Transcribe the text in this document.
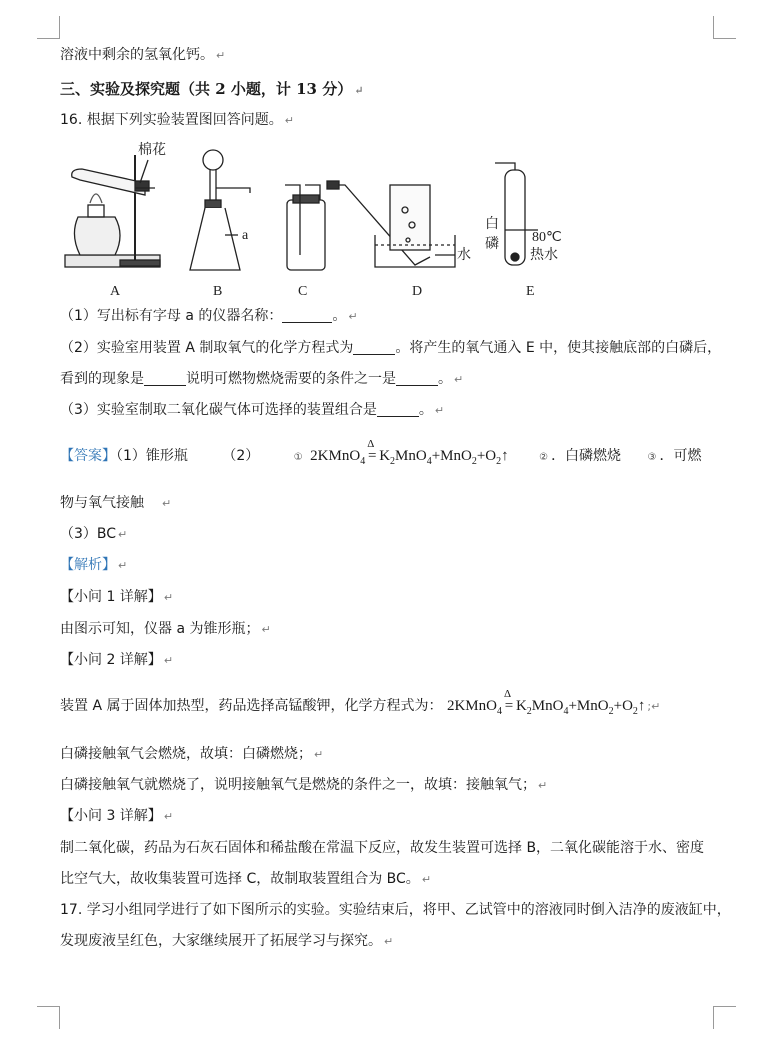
溶液中剩余的氢氧化钙。 ↵
三、实验及探究题（共 2 小题，计 13 分） ↵
16. 根据下列实验装置图回答问题。 ↵
棉花
a
水
白
磷 80℃
热水
A	B	C	D	E
（1）写出标有字母 a 的仪器名称：	。 ↵
（2）实验室用装置 A 制取氧气的化学方程式为	。将产生的氧气通入 E 中，使其接触底部的白磷后，
看到的现象是	说明可燃物燃烧需要的条件之一是	。 ↵
（3）实验室制取二氧化碳气体可选择的装置组合是	。 ↵
【答案】（1）锥形瓶 （2）	① 2KMnO$_4$
Δ
= $K_2MnO_4+MnO_2+O_2↑$	② ．白磷燃烧	③ ．可燃
物与氧气接触 ↵
（3）BC ↵
【解析】 ↵
【小问 1 详解】 ↵
由图示可知，仪器 a 为锥形瓶； ↵
【小问 2 详解】 ↵
装置 A 属于固体加热型，药品选择高锰酸钾，化学方程式为： 2KMnO$_4$
Δ
= $K_2MnO_4+MnO_2+O_2↑$ ;↵
白磷接触氧气会燃烧，故填：白磷燃烧； ↵
白磷接触氧气就燃烧了，说明接触氧气是燃烧的条件之一，故填：接触氧气； ↵
【小问 3 详解】 ↵
制二氧化碳，药品为石灰石固体和稀盐酸在常温下反应，故发生装置可选择 B，二氧化碳能溶于水、密度
比空气大，故收集装置可选择 C，故制取装置组合为 BC。 ↵
17. 学习小组同学进行了如下图所示的实验。实验结束后，将甲、乙试管中的溶液同时倒入洁净的废液缸中，
发现废液呈红色，大家继续展开了拓展学习与探究。 ↵
